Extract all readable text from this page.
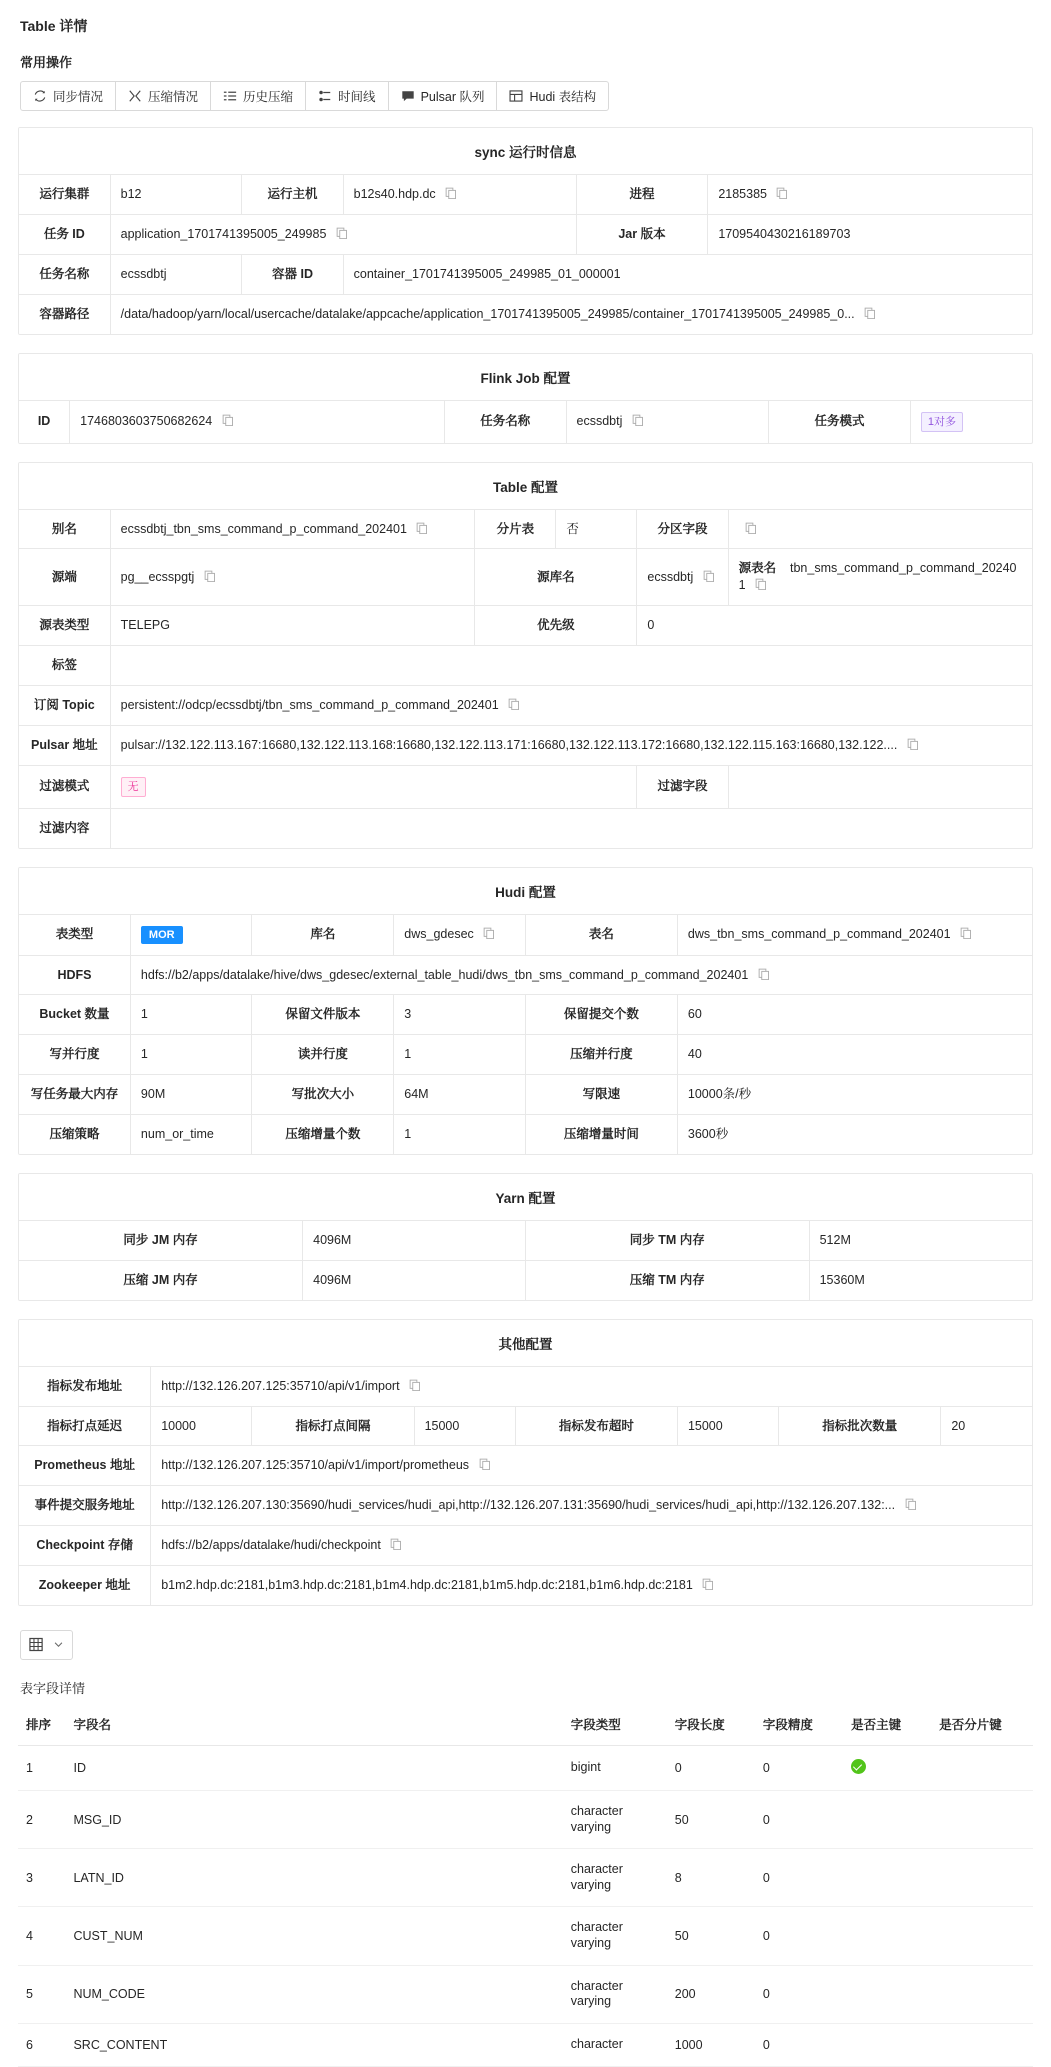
Table 详情
常用操作
同步情况	压缩情况	历史压缩	时间线	Pulsar 队列	Hudi 表结构
sync 运行时信息
运行集群	b12	运行主机	b12s40.hdp.dc	进程	2185385

任务 ID	application_1701741395005_249985			Jar 版本	1709540430216189703
任务名称	ecssdbtj	容器 ID	container_1701741395005_249985_01_000001		
容器路径	/data/hadoop/yarn/local/usercache/datalake/appcache/application_1701741395005_249985/container_1701741395005_249985_0...				
Flink Job 配置
ID	1746803603750682624	任务名称	ecssdbtj	任务模式	1对多
Table 配置
别名	ecssdbtj_tbn_sms_command_p_command_202401	分片表	否	分区字段	

源端	pg__ecsspgtj	源库名		ecssdbtj	源表名 tbn_sms_command_p_command_202401

源表类型	TELEPG	优先级		0	
标签					
订阅 Topic	persistent://odcp/ecssdbtj/tbn_sms_command_p_command_202401				

Pulsar 地址	pulsar://132.122.113.167:16680,132.122.113.168:16680,132.122.113.171:16680,132.122.113.172:16680,132.122.115.163:16680,132.122....				

过滤模式	无			过滤字段	
过滤内容					
Hudi 配置
表类型	MOR	库名	dws_gdesec	表名	dws_tbn_sms_command_p_command_202401

HDFS	hdfs://b2/apps/datalake/hive/dws_gdesec/external_table_hudi/dws_tbn_sms_command_p_command_202401				

Bucket 数量	1	保留文件版本	3	保留提交个数	60
写并行度	1	读并行度	1	压缩并行度	40
写任务最大内存	90M	写批次大小	64M	写限速	10000条/秒
压缩策略	num_or_time	压缩增量个数	1	压缩增量时间	3600秒
Yarn 配置
同步 JM 内存	4096M	同步 TM 内存	512M
压缩 JM 内存	4096M	压缩 TM 内存	15360M
其他配置
指标发布地址	http://132.126.207.125:35710/api/v1/import						

指标打点延迟	10000	指标打点间隔	15000	指标发布超时	15000	指标批次数量	20
Prometheus 地址	http://132.126.207.125:35710/api/v1/import/prometheus						

事件提交服务地址	http://132.126.207.130:35690/hudi_services/hudi_api,http://132.126.207.131:35690/hudi_services/hudi_api,http://132.126.207.132:...						

Checkpoint 存储	hdfs://b2/apps/datalake/hudi/checkpoint						

Zookeeper 地址	b1m2.hdp.dc:2181,b1m3.hdp.dc:2181,b1m4.hdp.dc:2181,b1m5.hdp.dc:2181,b1m6.hdp.dc:2181						
表字段详情
排序	字段名	字段类型	字段长度	字段精度	是否主键	是否分片键
1	ID	bigint	0	0		
2	MSG_ID	character varying	50	0		
3	LATN_ID	character varying	8	0		
4	CUST_NUM	character varying	50	0		
5	NUM_CODE	character varying	200	0		
6	SRC_CONTENT	character	1000	0		
